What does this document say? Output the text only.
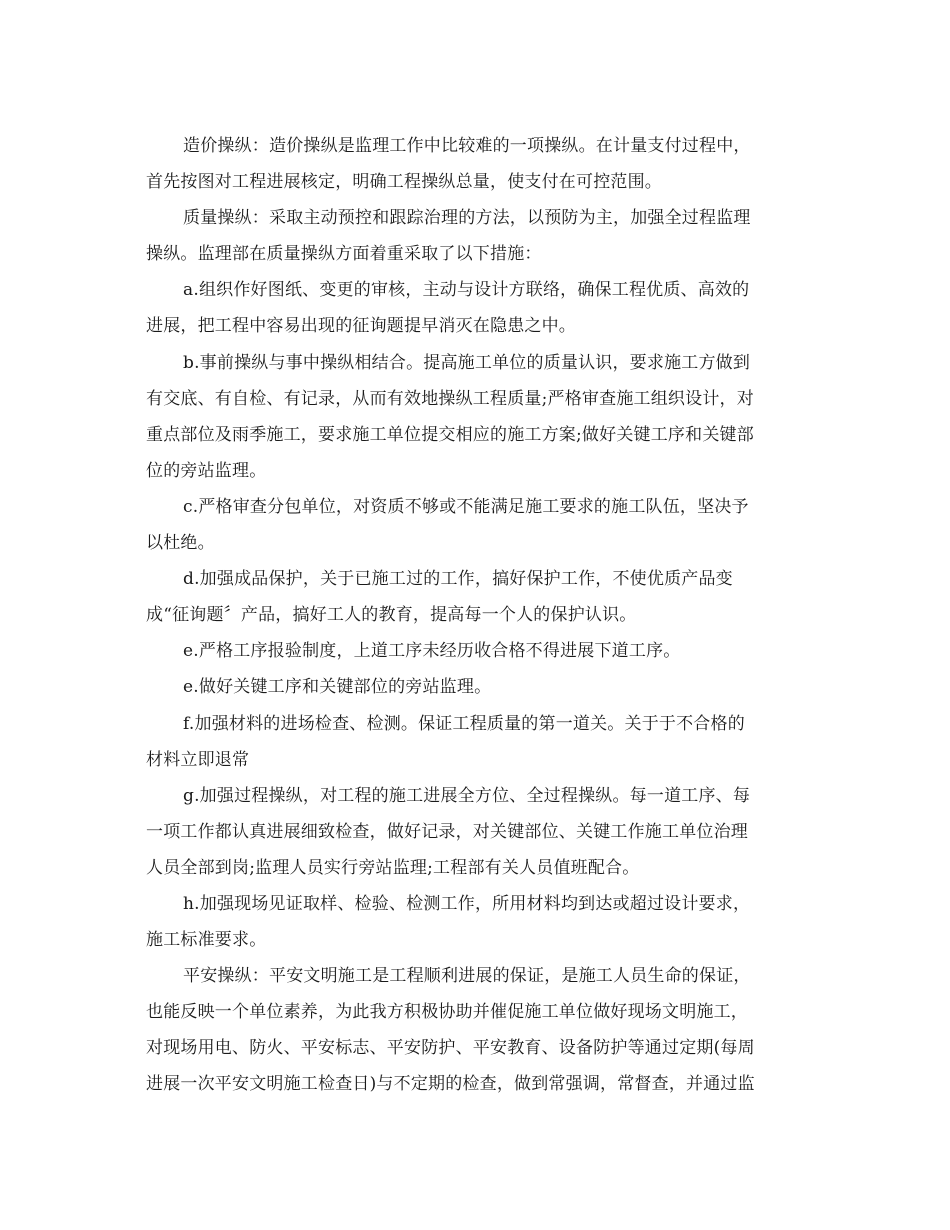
造价操纵：造价操纵是监理工作中比较难的一项操纵。在计量支付过程中，
首先按图对工程进展核定，明确工程操纵总量，使支付在可控范围。
质量操纵：采取主动预控和跟踪治理的方法，以预防为主，加强全过程监理
操纵。监理部在质量操纵方面着重采取了以下措施：
a.组织作好图纸、变更的审核，主动与设计方联络，确保工程优质、高效的
进展，把工程中容易出现的征询题提早消灭在隐患之中。
b.事前操纵与事中操纵相结合。提高施工单位的质量认识，要求施工方做到
有交底、有自检、有记录，从而有效地操纵工程质量;严格审查施工组织设计，对
重点部位及雨季施工，要求施工单位提交相应的施工方案;做好关键工序和关键部
位的旁站监理。
c.严格审查分包单位，对资质不够或不能满足施工要求的施工队伍，坚决予
以杜绝。
d.加强成品保护，关于已施工过的工作，搞好保护工作，不使优质产品变
成“征询题〞产品，搞好工人的教育，提高每一个人的保护认识。
e.严格工序报验制度，上道工序未经历收合格不得进展下道工序。
e.做好关键工序和关键部位的旁站监理。
f.加强材料的进场检查、检测。保证工程质量的第一道关。关于于不合格的
材料立即退常
g.加强过程操纵，对工程的施工进展全方位、全过程操纵。每一道工序、每
一项工作都认真进展细致检查，做好记录，对关键部位、关键工作施工单位治理
人员全部到岗;监理人员实行旁站监理;工程部有关人员值班配合。
h.加强现场见证取样、检验、检测工作，所用材料均到达或超过设计要求，
施工标准要求。
平安操纵：平安文明施工是工程顺利进展的保证，是施工人员生命的保证，
也能反映一个单位素养，为此我方积极协助并催促施工单位做好现场文明施工，
对现场用电、防火、平安标志、平安防护、平安教育、设备防护等通过定期(每周
进展一次平安文明施工检查日)与不定期的检查，做到常强调，常督查，并通过监
